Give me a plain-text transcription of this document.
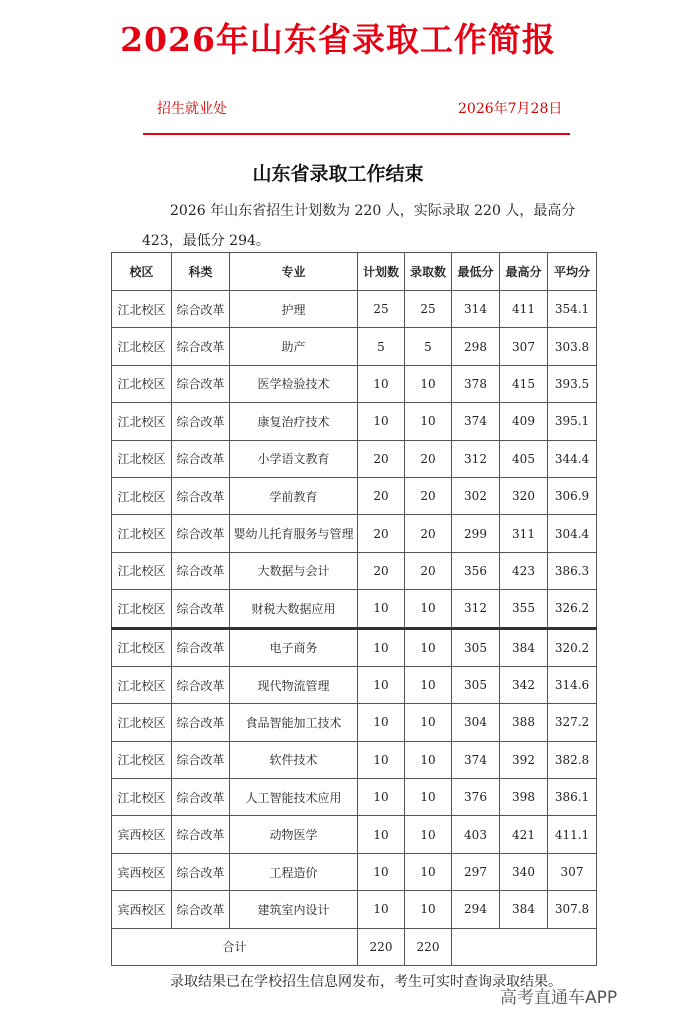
2026年山东省录取工作简报
招生就业处	2026年7月28日
山东省录取工作结束
2026 年山东省招生计划数为 220 人，实际录取 220 人，最高分 423，最低分 294。
校区	科类	专业	计划数	录取数	最低分	最高分	平均分
江北校区	综合改革	护理	25	25	314	411	354.1
江北校区	综合改革	助产	5	5	298	307	303.8
江北校区	综合改革	医学检验技术	10	10	378	415	393.5
江北校区	综合改革	康复治疗技术	10	10	374	409	395.1
江北校区	综合改革	小学语文教育	20	20	312	405	344.4
江北校区	综合改革	学前教育	20	20	302	320	306.9
江北校区	综合改革	婴幼儿托育服务与管理	20	20	299	311	304.4
江北校区	综合改革	大数据与会计	20	20	356	423	386.3
江北校区	综合改革	财税大数据应用	10	10	312	355	326.2
江北校区	综合改革	电子商务	10	10	305	384	320.2
江北校区	综合改革	现代物流管理	10	10	305	342	314.6
江北校区	综合改革	食品智能加工技术	10	10	304	388	327.2
江北校区	综合改革	软件技术	10	10	374	392	382.8
江北校区	综合改革	人工智能技术应用	10	10	376	398	386.1
宾西校区	综合改革	动物医学	10	10	403	421	411.1
宾西校区	综合改革	工程造价	10	10	297	340	307
宾西校区	综合改革	建筑室内设计	10	10	294	384	307.8
合计			220	220			
录取结果已在学校招生信息网发布，考生可实时查询录取结果。
高考直通车APP
